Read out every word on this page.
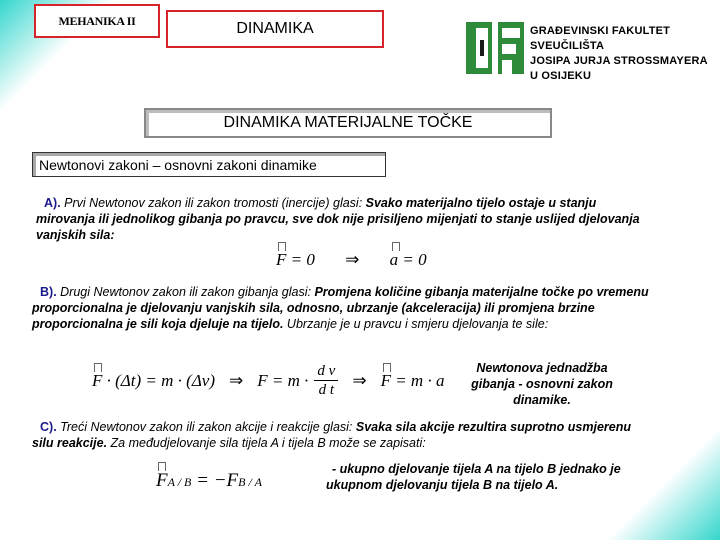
MEHANIKA II	DINAMIKA	GRAĐEVINSKI FAKULTET
SVEUČILIŠTA
JOSIPA JURJA STROSSMAYERA
U OSIJEKU
DINAMIKA MATERIJALNE TOČKE
Newtonovi zakoni – osnovni zakoni dinamike
A). Prvi Newtonov zakon ili zakon tromosti (inercije) glasi: Svako materijalno tijelo ostaje u stanju mirovanja ili jednolikog gibanja po pravcu, sve dok nije prisiljeno mijenjati to stanje uslijed djelovanja vanjskih sila:
F = 0 ⇒ a = 0
B). Drugi Newtonov zakon ili zakon gibanja glasi: Promjena količine gibanja materijalne točke po vremenu proporcionalna je djelovanju vanjskih sila, odnosno, ubrzanje (akceleracija) ili promjena brzine proporcionalna je sili koja djeluje na tijelo. Ubrzanje je u pravcu i smjeru djelovanja te sile:
F · (Δt) = m · (Δv) ⇒ F = m · d v
d t
⇒ F = m · a
Newtonova jednadžba gibanja - osnovni zakon dinamike.
C). Treći Newtonov zakon ili zakon akcije i reakcije glasi: Svaka sila akcije rezultira suprotno usmjerenu silu reakcije. Za međudjelovanje sila tijela A i tijela B može se zapisati:
FA / B = −FB / A
- ukupno djelovanje tijela A na tijelo B jednako je ukupnom djelovanju tijela B na tijelo A.
